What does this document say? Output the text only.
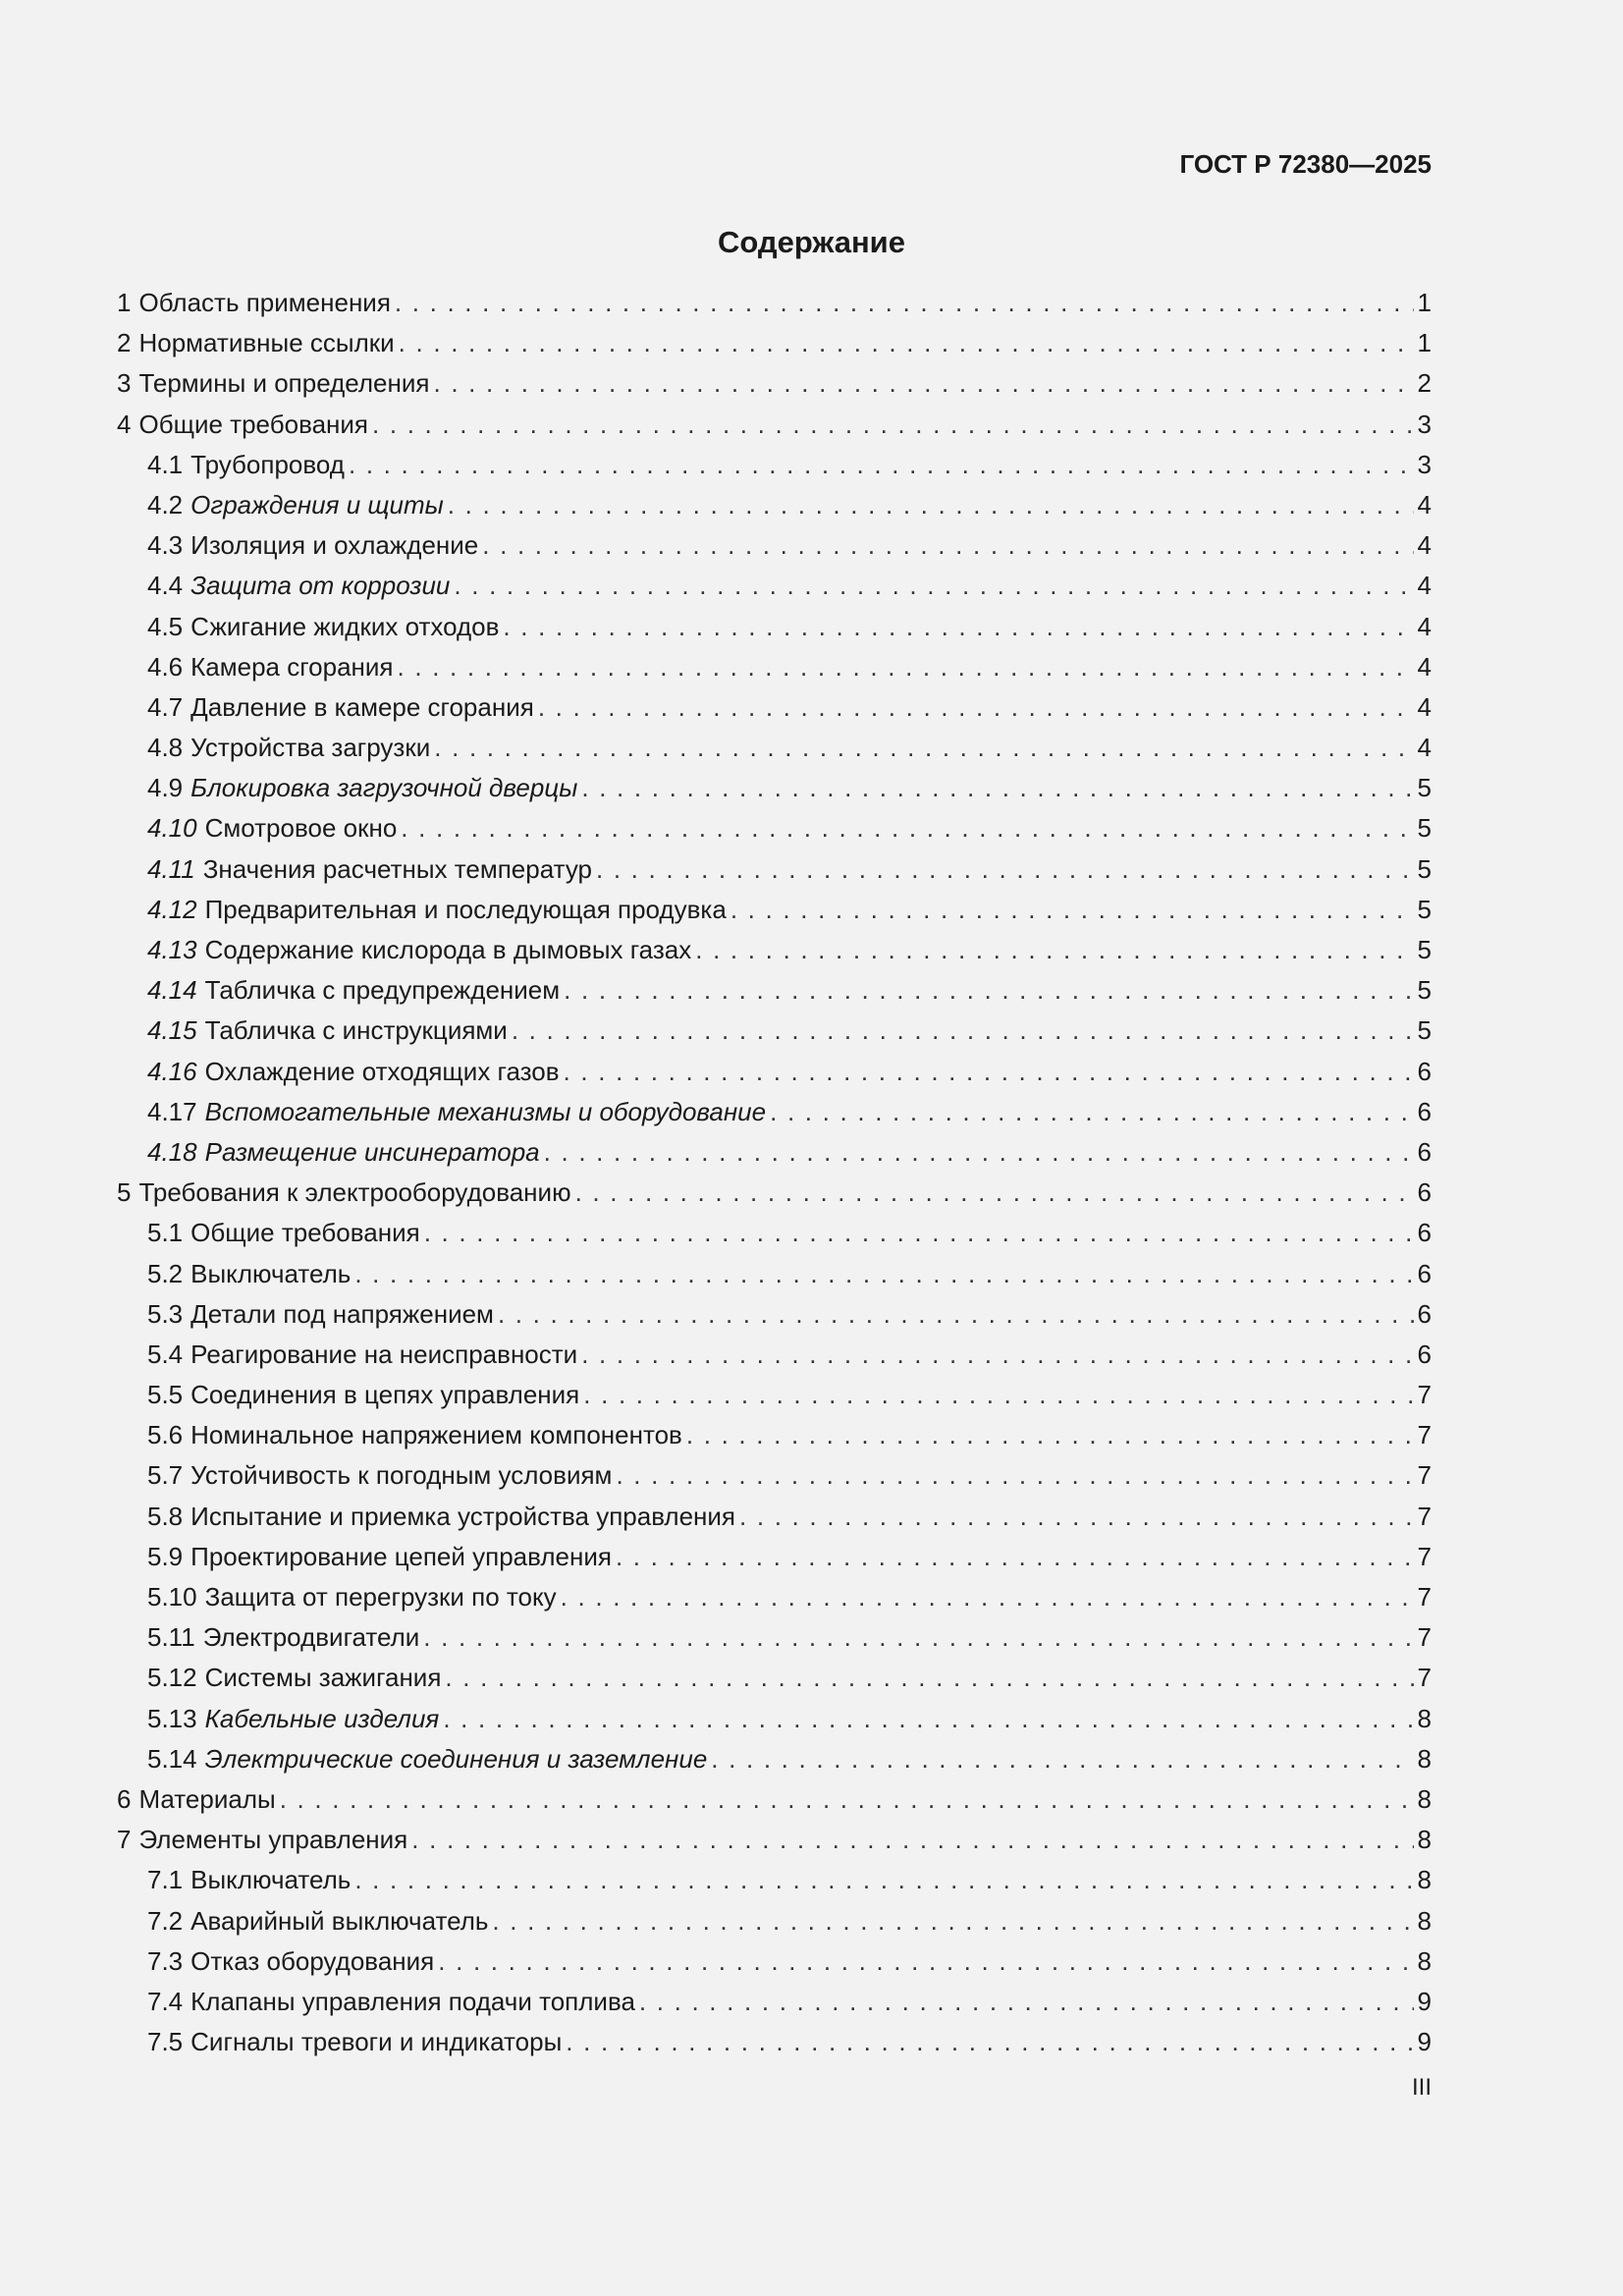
ГОСТ Р 72380—2025
Содержание
1 Область применения . . .	1
2 Нормативные ссылки . . .	1
3 Термины и определения . . .	2
4 Общие требования . . .	3
4.1 Трубопровод . . .	3
4.2 Ограждения и щиты . . .	4
4.3 Изоляция и охлаждение . . .	4
4.4 Защита от коррозии . . .	4
4.5 Сжигание жидких отходов . . .	4
4.6 Камера сгорания . . .	4
4.7 Давление в камере сгорания . . .	4
4.8 Устройства загрузки . . .	4
4.9 Блокировка загрузочной дверцы . . .	5
4.10 Смотровое окно . . .	5
4.11 Значения расчетных температур . . .	5
4.12 Предварительная и последующая продувка . . .	5
4.13 Содержание кислорода в дымовых газах . . .	5
4.14 Табличка с предупреждением . . .	5
4.15 Табличка с инструкциями . . .	5
4.16 Охлаждение отходящих газов . . .	6
4.17 Вспомогательные механизмы и оборудование . . .	6
4.18 Размещение инсинератора . . .	6
5 Требования к электрооборудованию . . .	6
5.1 Общие требования . . .	6
5.2 Выключатель . . .	6
5.3 Детали под напряжением . . .	6
5.4 Реагирование на неисправности . . .	6
5.5 Соединения в цепях управления . . .	7
5.6 Номинальное напряжением компонентов . . .	7
5.7 Устойчивость к погодным условиям . . .	7
5.8 Испытание и приемка устройства управления . . .	7
5.9 Проектирование цепей управления . . .	7
5.10 Защита от перегрузки по току . . .	7
5.11 Электродвигатели . . .	7
5.12 Системы зажигания . . .	7
5.13 Кабельные изделия . . .	8
5.14 Электрические соединения и заземление . . .	8
6 Материалы . . .	8
7 Элементы управления . . .	8
7.1 Выключатель . . .	8
7.2 Аварийный выключатель . . .	8
7.3 Отказ оборудования . . .	8
7.4 Клапаны управления подачи топлива . . .	9
7.5 Сигналы тревоги и индикаторы . . .	9
III
